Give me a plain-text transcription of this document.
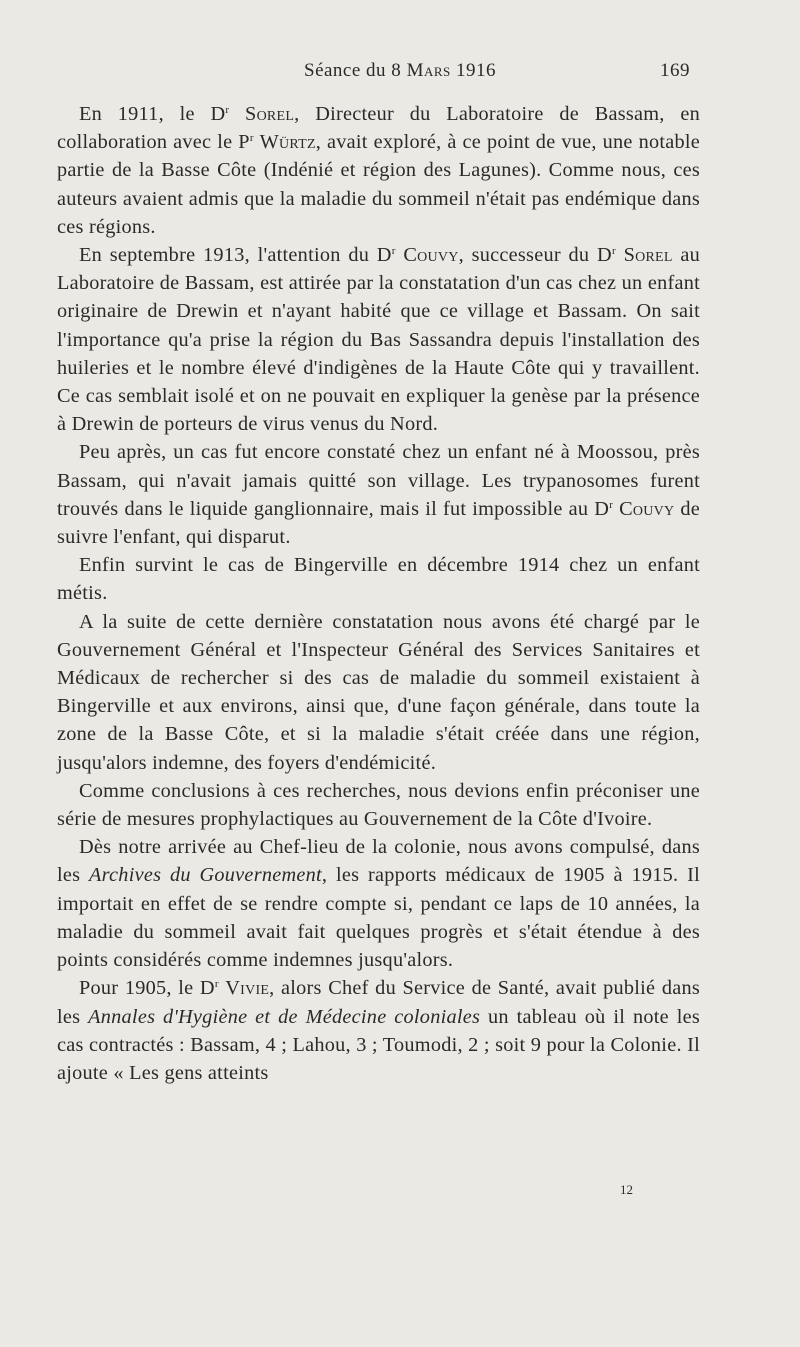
Séance du 8 Mars 1916	169

En 1911, le $D^r$ Sorel, Directeur du Laboratoire de Bassam, en collaboration avec le $P^r$ Würtz, avait exploré, à ce point de vue, une notable partie de la Basse Côte (Indénié et région des Lagunes). Comme nous, ces auteurs avaient admis que la maladie du sommeil n'était pas endémique dans ces régions.

En septembre 1913, l'attention du $D^r$ Couvy, successeur du $D^r$ Sorel au Laboratoire de Bassam, est attirée par la constatation d'un cas chez un enfant originaire de Drewin et n'ayant habité que ce village et Bassam. On sait l'importance qu'a prise la région du Bas Sassandra depuis l'installation des huileries et le nombre élevé d'indigènes de la Haute Côte qui y travaillent. Ce cas semblait isolé et on ne pouvait en expliquer la genèse par la présence à Drewin de porteurs de virus venus du Nord.

Peu après, un cas fut encore constaté chez un enfant né à Moossou, près Bassam, qui n'avait jamais quitté son village. Les trypanosomes furent trouvés dans le liquide ganglionnaire, mais il fut impossible au $D^r$ Couvy de suivre l'enfant, qui disparut.

Enfin survint le cas de Bingerville en décembre 1914 chez un enfant métis.

A la suite de cette dernière constatation nous avons été chargé par le Gouvernement Général et l'Inspecteur Général des Services Sanitaires et Médicaux de rechercher si des cas de maladie du sommeil existaient à Bingerville et aux environs, ainsi que, d'une façon générale, dans toute la zone de la Basse Côte, et si la maladie s'était créée dans une région, jusqu'alors indemne, des foyers d'endémicité.

Comme conclusions à ces recherches, nous devions enfin préconiser une série de mesures prophylactiques au Gouvernement de la Côte d'Ivoire.

Dès notre arrivée au Chef-lieu de la colonie, nous avons compulsé, dans les Archives du Gouvernement, les rapports médicaux de 1905 à 1915. Il importait en effet de se rendre compte si, pendant ce laps de 10 années, la maladie du sommeil avait fait quelques progrès et s'était étendue à des points considérés comme indemnes jusqu'alors.

Pour 1905, le $D^r$ Vivie, alors Chef du Service de Santé, avait publié dans les Annales d'Hygiène et de Médecine coloniales un tableau où il note les cas contractés : Bassam, 4 ; Lahou, 3 ; Toumodi, 2 ; soit 9 pour la Colonie. Il ajoute « Les gens atteints

12
